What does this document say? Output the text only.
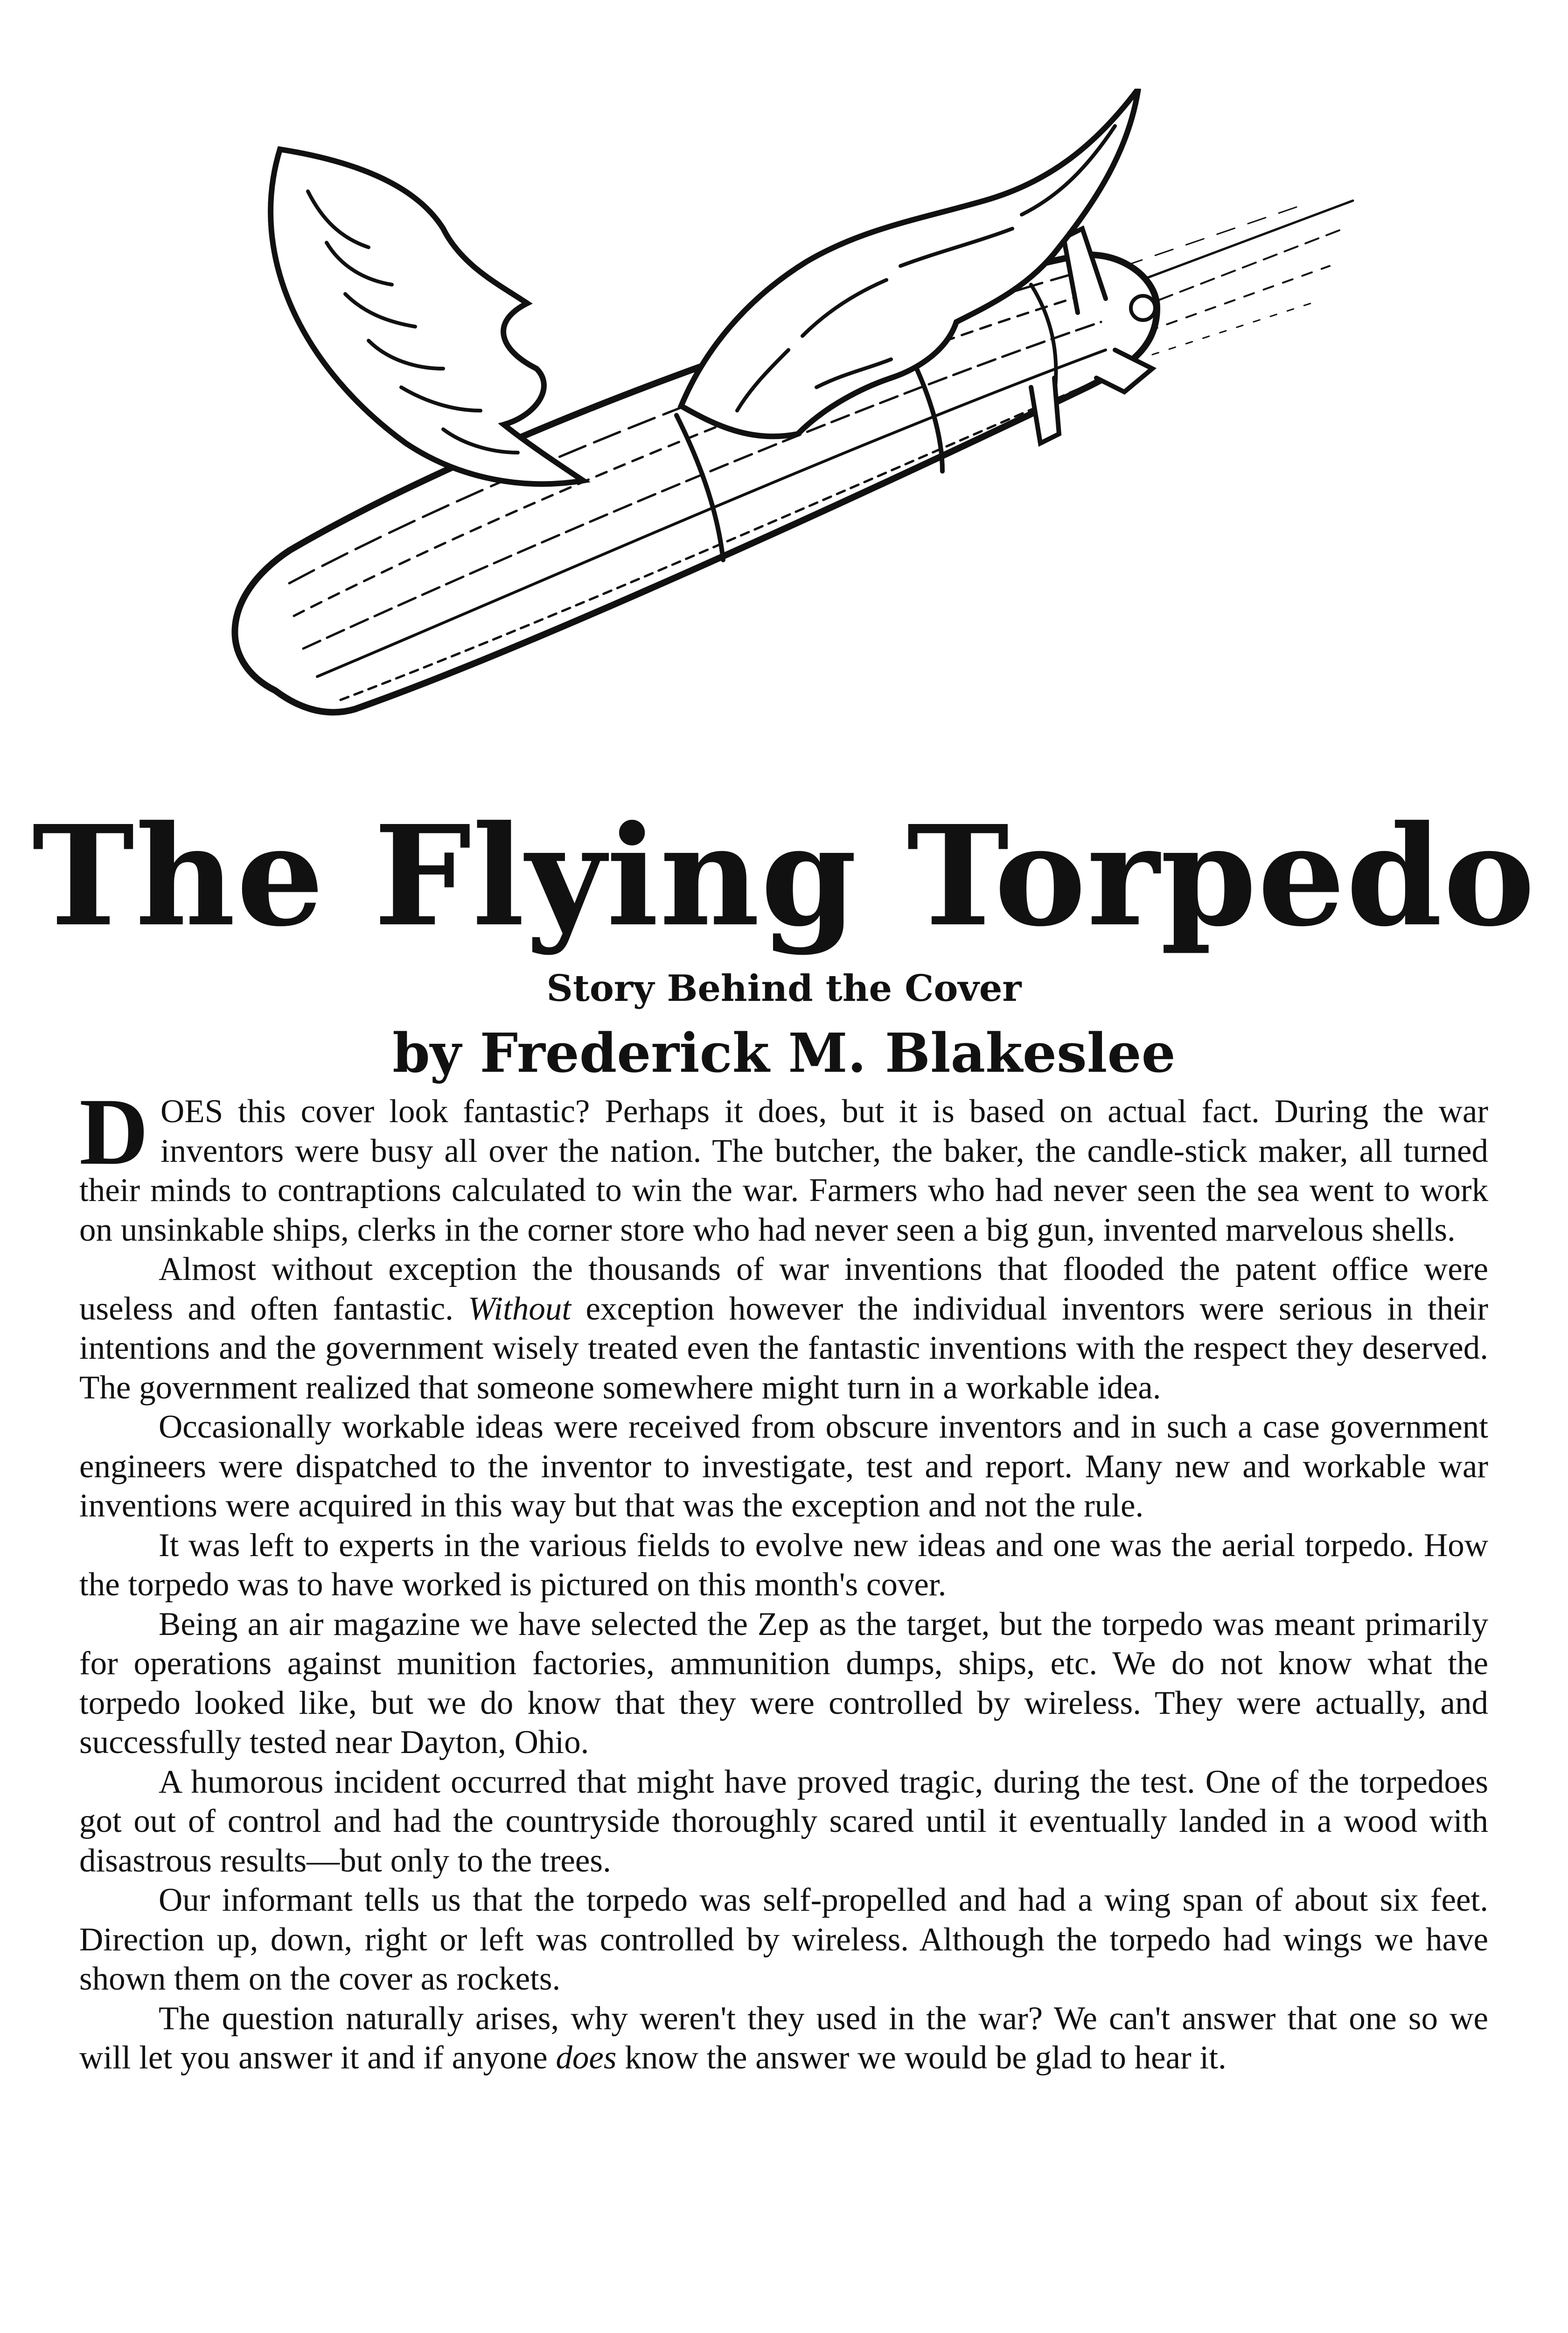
The Flying Torpedo
Story Behind the Cover
by Frederick M. Blakeslee

DOES this cover look fantastic? Perhaps it does, but it is based on actual fact. During the war inventors were busy all over the nation. The butcher, the baker, the candle-stick maker, all turned their minds to contraptions calculated to win the war. Farmers who had never seen the sea went to work on unsinkable ships, clerks in the corner store who had never seen a big gun, invented marvelous shells.

Almost without exception the thousands of war inventions that flooded the patent office were useless and often fantastic. Without exception however the individual inventors were serious in their intentions and the government wisely treated even the fantastic inventions with the respect they deserved. The government realized that someone somewhere might turn in a workable idea.

Occasionally workable ideas were received from obscure inventors and in such a case government engineers were dispatched to the inventor to investigate, test and report. Many new and workable war inventions were acquired in this way but that was the exception and not the rule.

It was left to experts in the various fields to evolve new ideas and one was the aerial torpedo. How the torpedo was to have worked is pictured on this month's cover.

Being an air magazine we have selected the Zep as the target, but the torpedo was meant primarily for operations against munition factories, ammunition dumps, ships, etc. We do not know what the torpedo looked like, but we do know that they were controlled by wireless. They were actually, and successfully tested near Dayton, Ohio.

A humorous incident occurred that might have proved tragic, during the test. One of the torpedoes got out of control and had the countryside thoroughly scared until it eventually landed in a wood with disastrous results—but only to the trees.

Our informant tells us that the torpedo was self-propelled and had a wing span of about six feet. Direction up, down, right or left was controlled by wireless. Although the torpedo had wings we have shown them on the cover as rockets.

The question naturally arises, why weren't they used in the war? We can't answer that one so we will let you answer it and if anyone does know the answer we would be glad to hear it.
